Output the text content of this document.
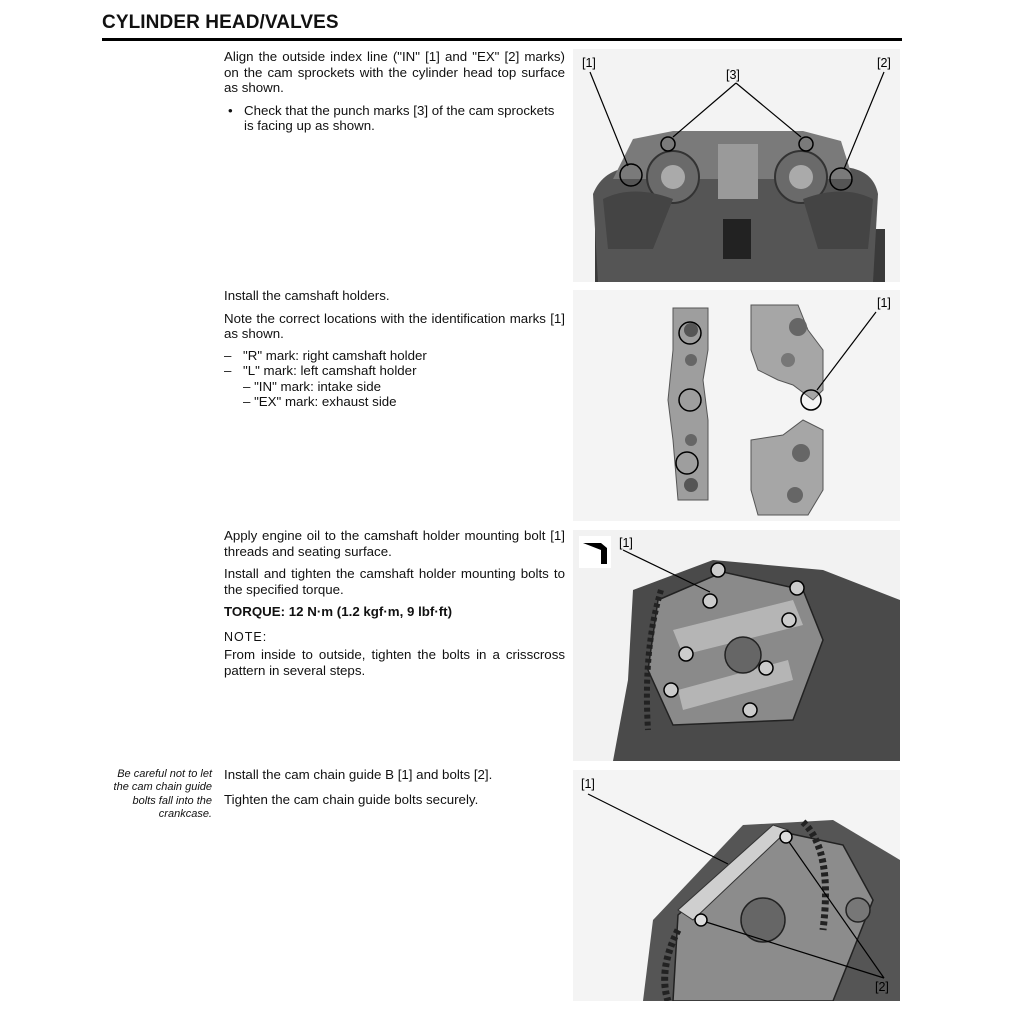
CYLINDER HEAD/VALVES

Align the outside index line ("IN" [1] and "EX" [2] marks) on the cam sprockets with the cylinder head top surface as shown.

• Check that the punch marks [3] of the cam sprockets is facing up as shown.
[1]
[3]
[2]

Install the camshaft holders.

Note the correct locations with the identification marks [1] as shown.

– "R" mark: right camshaft holder
– "L" mark: left camshaft holder
– "IN" mark: intake side
– "EX" mark: exhaust side
[1]

Apply engine oil to the camshaft holder mounting bolt [1] threads and seating surface.

Install and tighten the camshaft holder mounting bolts to the specified torque.

TORQUE: 12 N·m (1.2 kgf·m, 9 lbf·ft)
NOTE:

From inside to outside, tighten the bolts in a crisscross pattern in several steps.

[1]
Be careful not to let the cam chain guide bolts fall into the crankcase.

Install the cam chain guide B [1] and bolts [2].

Tighten the cam chain guide bolts securely.

[1]
[2]
